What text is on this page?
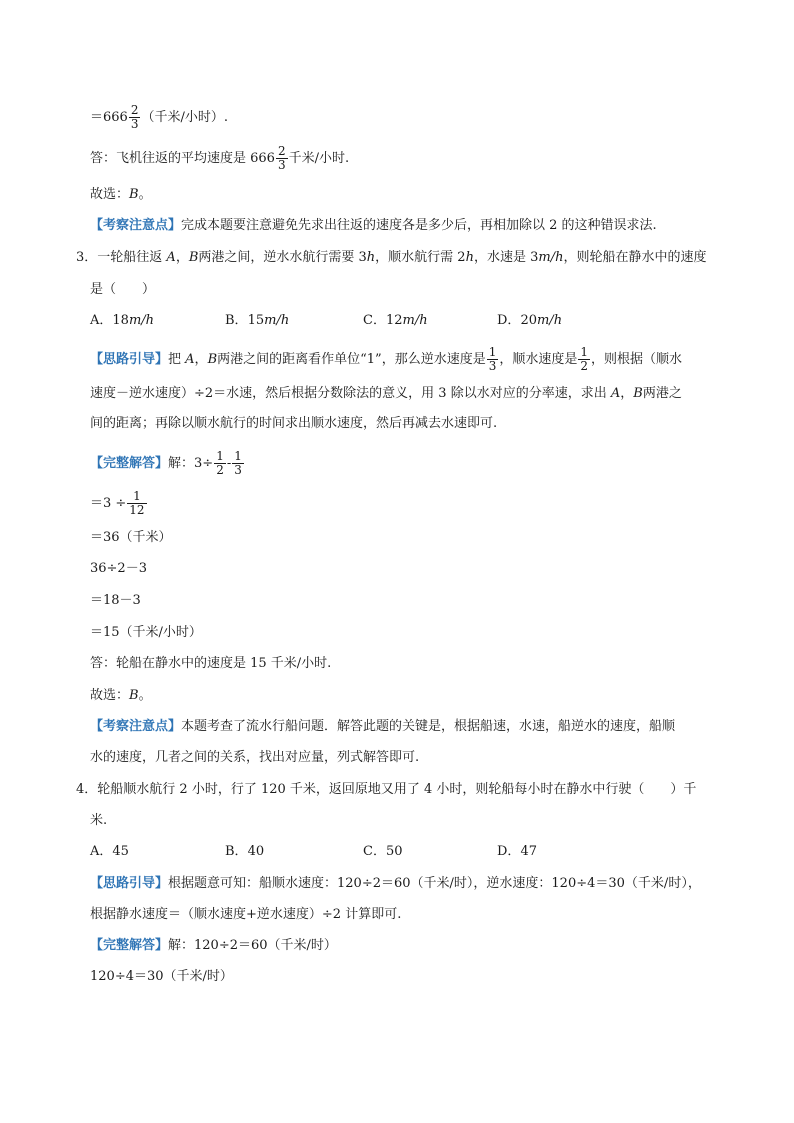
$=666 \frac{2}{3}$ （千米/小时）.
答：飞机往返的平均速度是 $666 \frac{2}{3}$ 千米/小时.
故选：B。
【考察注意点】完成本题要注意避免先求出往返的速度各是多少后，再相加除以 2 的这种错误求法.
3．一轮船往返 A，B两港之间，逆水水航行需要 3h，顺水航行需 2h，水速是 3m/h，则轮船在静水中的速度
是（　　）
A．18m/h	B．15m/h	C．12m/h	D．20m/h
【思路引导】把 A，B两港之间的距离看作单位“1”，那么逆水速度是 $\frac{1}{3}$ ，顺水速度是 $\frac{1}{2}$ ，则根据（顺水
速度－逆水速度）÷2＝水速，然后根据分数除法的意义，用 3 除以水对应的分率速，求出 A，B两港之
间的距离；再除以顺水航行的时间求出顺水速度，然后再减去水速即可.
【完整解答】解：$3\div \frac{1}{2} - \frac{1}{3}$
$=3 \div \frac{1}{12}$
＝36（千米）
36÷2－3
＝18－3
＝15（千米/小时）
答：轮船在静水中的速度是 15 千米/小时.
故选：B。
【考察注意点】本题考查了流水行船问题．解答此题的关键是，根据船速，水速，船逆水的速度，船顺
水的速度，几者之间的关系，找出对应量，列式解答即可.
4．轮船顺水航行 2 小时，行了 120 千米，返回原地又用了 4 小时，则轮船每小时在静水中行驶（　　）千
米.
A．45	B．40	C．50	D．47
【思路引导】根据题意可知：船顺水速度：120÷2＝60（千米/时），逆水速度：120÷4＝30（千米/时），
根据静水速度＝（顺水速度+逆水速度）÷2 计算即可.
【完整解答】解：120÷2＝60（千米/时）
120÷4＝30（千米/时）
